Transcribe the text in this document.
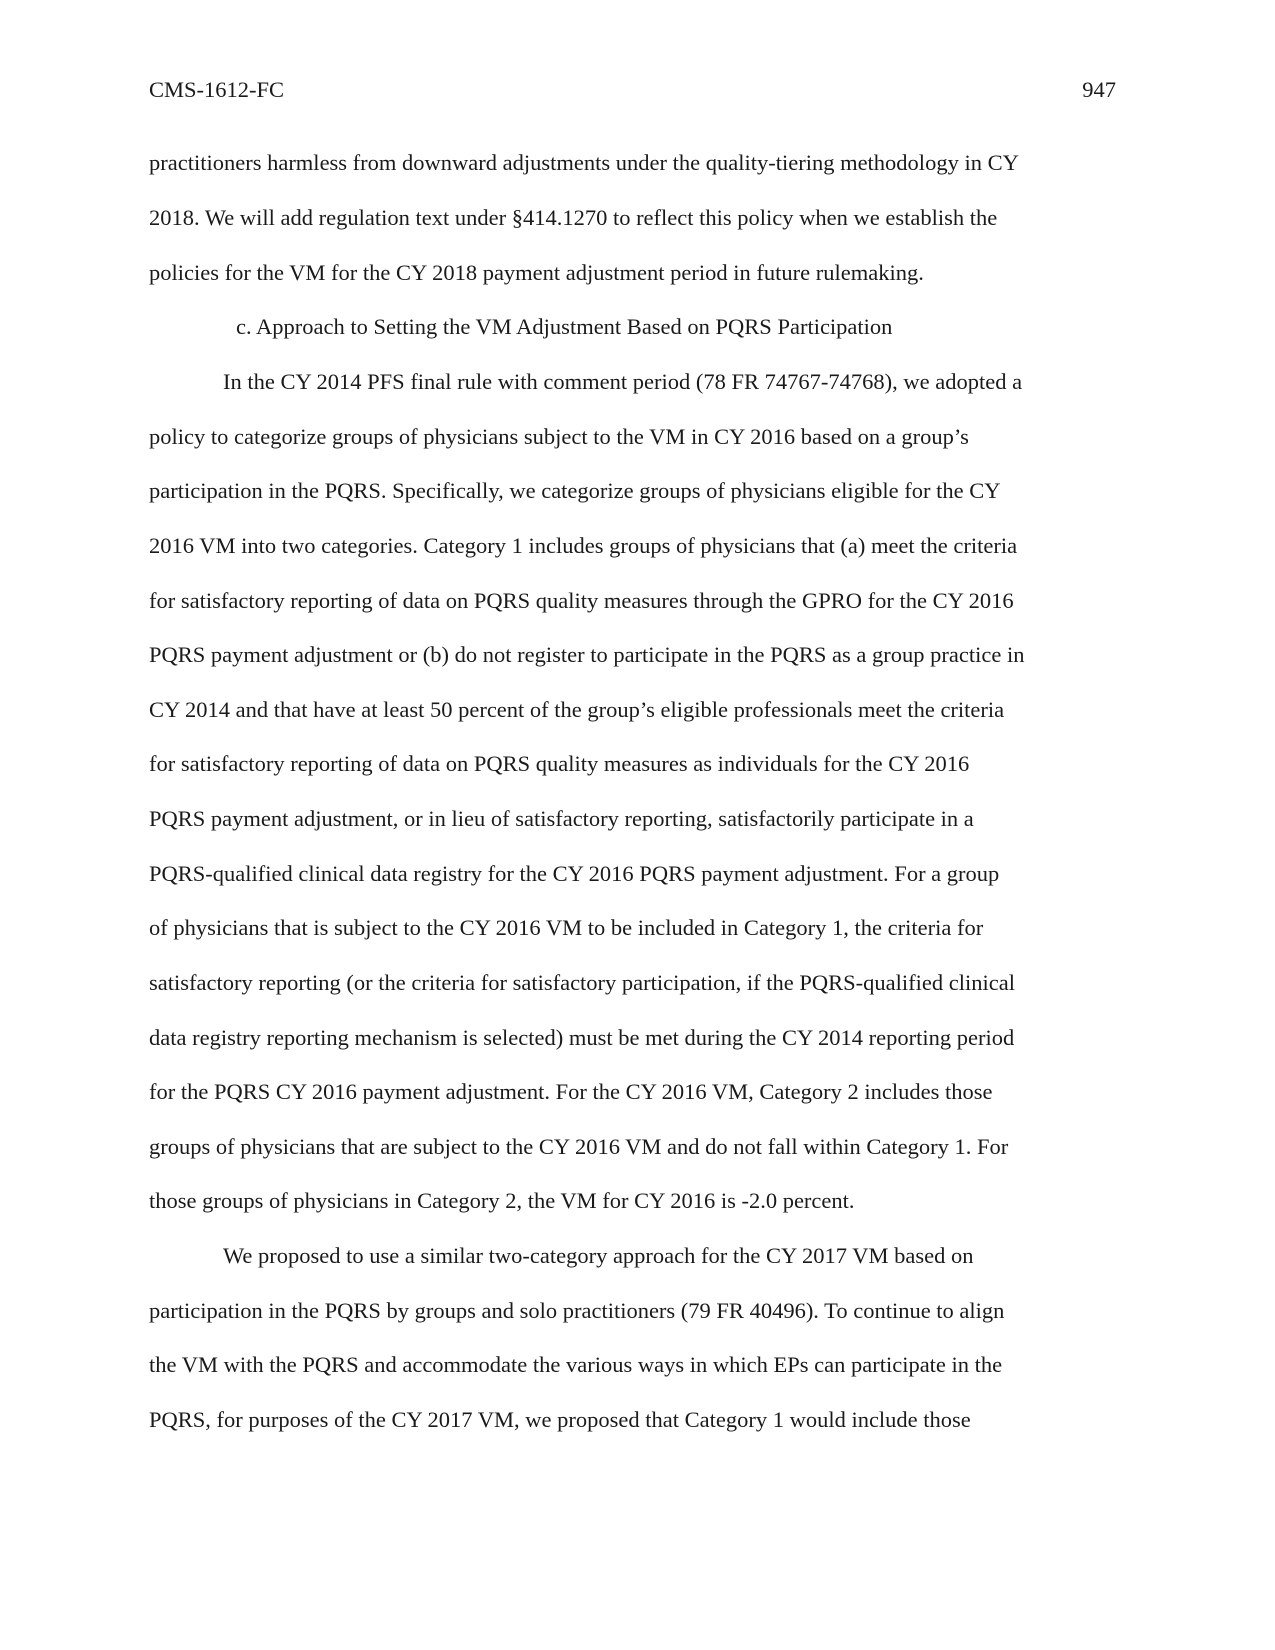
CMS-1612-FC	947
practitioners harmless from downward adjustments under the quality-tiering methodology in CY
2018. We will add regulation text under §414.1270 to reflect this policy when we establish the
policies for the VM for the CY 2018 payment adjustment period in future rulemaking.
c. Approach to Setting the VM Adjustment Based on PQRS Participation
In the CY 2014 PFS final rule with comment period (78 FR 74767-74768), we adopted a
policy to categorize groups of physicians subject to the VM in CY 2016 based on a group’s
participation in the PQRS. Specifically, we categorize groups of physicians eligible for the CY
2016 VM into two categories. Category 1 includes groups of physicians that (a) meet the criteria
for satisfactory reporting of data on PQRS quality measures through the GPRO for the CY 2016
PQRS payment adjustment or (b) do not register to participate in the PQRS as a group practice in
CY 2014 and that have at least 50 percent of the group’s eligible professionals meet the criteria
for satisfactory reporting of data on PQRS quality measures as individuals for the CY 2016
PQRS payment adjustment, or in lieu of satisfactory reporting, satisfactorily participate in a
PQRS-qualified clinical data registry for the CY 2016 PQRS payment adjustment. For a group
of physicians that is subject to the CY 2016 VM to be included in Category 1, the criteria for
satisfactory reporting (or the criteria for satisfactory participation, if the PQRS-qualified clinical
data registry reporting mechanism is selected) must be met during the CY 2014 reporting period
for the PQRS CY 2016 payment adjustment. For the CY 2016 VM, Category 2 includes those
groups of physicians that are subject to the CY 2016 VM and do not fall within Category 1. For
those groups of physicians in Category 2, the VM for CY 2016 is -2.0 percent.
We proposed to use a similar two-category approach for the CY 2017 VM based on
participation in the PQRS by groups and solo practitioners (79 FR 40496). To continue to align
the VM with the PQRS and accommodate the various ways in which EPs can participate in the
PQRS, for purposes of the CY 2017 VM, we proposed that Category 1 would include those
